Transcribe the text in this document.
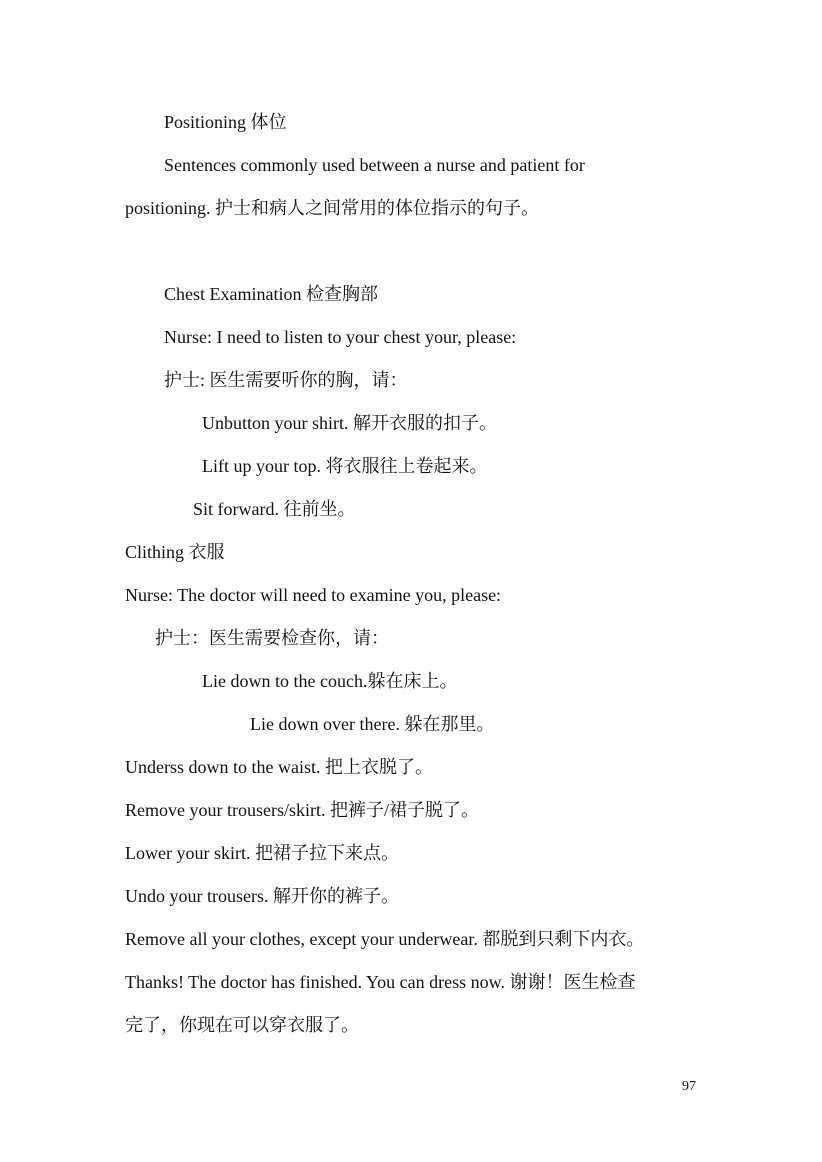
Positioning 体位
Sentences commonly used between a nurse and patient for
positioning. 护士和病人之间常用的体位指示的句子。
Chest Examination 检查胸部
Nurse: I need to listen to your chest your, please:
护士: 医生需要听你的胸，请：
Unbutton your shirt. 解开衣服的扣子。
Lift up your top. 将衣服往上卷起来。
Sit forward. 往前坐。
Clithing 衣服
Nurse: The doctor will need to examine you, please:
护士：医生需要检查你，请：
Lie down to the couch.躲在床上。
Lie down over there. 躲在那里。
Underss down to the waist. 把上衣脱了。
Remove your trousers/skirt. 把裤子/裙子脱了。
Lower your skirt. 把裙子拉下来点。
Undo your trousers. 解开你的裤子。
Remove all your clothes, except your underwear. 都脱到只剩下内衣。
Thanks! The doctor has finished. You can dress now. 谢谢！医生检查
完了，你现在可以穿衣服了。
97
